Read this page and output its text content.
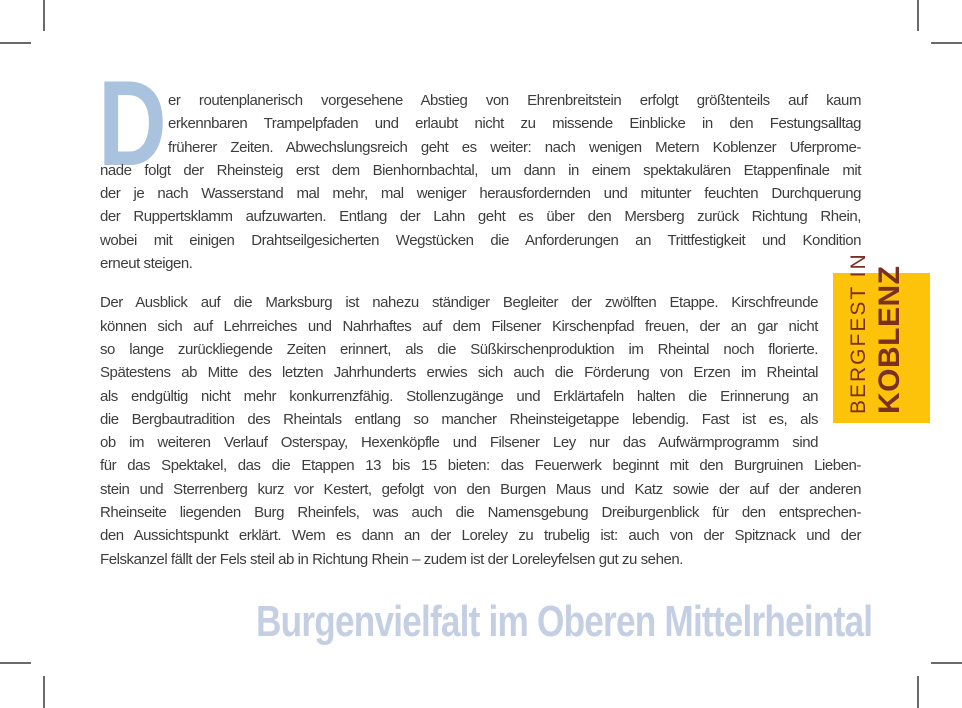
D er routenplanerisch vorgesehene Abstieg von Ehrenbreitstein erfolgt größtenteils auf kaum
erkennbaren Trampelpfaden und erlaubt nicht zu missende Einblicke in den Festungsalltag
früherer Zeiten. Abwechslungsreich geht es weiter: nach wenigen Metern Koblenzer Uferprome-
nade folgt der Rheinsteig erst dem Bienhornbachtal, um dann in einem spektakulären Etappenfinale mit
der je nach Wasserstand mal mehr, mal weniger herausfordernden und mitunter feuchten Durchquerung
der Ruppertsklamm aufzuwarten. Entlang der Lahn geht es über den Mersberg zurück Richtung Rhein,
wobei mit einigen Drahtseilgesicherten Wegstücken die Anforderungen an Trittfestigkeit und Kondition
erneut steigen.
Der Ausblick auf die Marksburg ist nahezu ständiger Begleiter der zwölften Etappe. Kirschfreunde
können sich auf Lehrreiches und Nahrhaftes auf dem Filsener Kirschenpfad freuen, der an gar nicht
so lange zurückliegende Zeiten erinnert, als die Süßkirschenproduktion im Rheintal noch florierte.
Spätestens ab Mitte des letzten Jahrhunderts erwies sich auch die Förderung von Erzen im Rheintal
als endgültig nicht mehr konkurrenzfähig. Stollenzugänge und Erklärtafeln halten die Erinnerung an
die Bergbautradition des Rheintals entlang so mancher Rheinsteigetappe lebendig. Fast ist es, als
ob im weiteren Verlauf Osterspay, Hexenköpfle und Filsener Ley nur das Aufwärmprogramm sind
für das Spektakel, das die Etappen 13 bis 15 bieten: das Feuerwerk beginnt mit den Burgruinen Lieben-
stein und Sterrenberg kurz vor Kestert, gefolgt von den Burgen Maus und Katz sowie der auf der anderen
Rheinseite liegenden Burg Rheinfels, was auch die Namensgebung Dreiburgenblick für den entsprechen-
den Aussichtspunkt erklärt. Wem es dann an der Loreley zu trubelig ist: auch von der Spitznack und der
Felskanzel fällt der Fels steil ab in Richtung Rhein – zudem ist der Loreleyfelsen gut zu sehen.
BERGFEST IN KOBLENZ
Burgenvielfalt im Oberen Mittelrheintal
